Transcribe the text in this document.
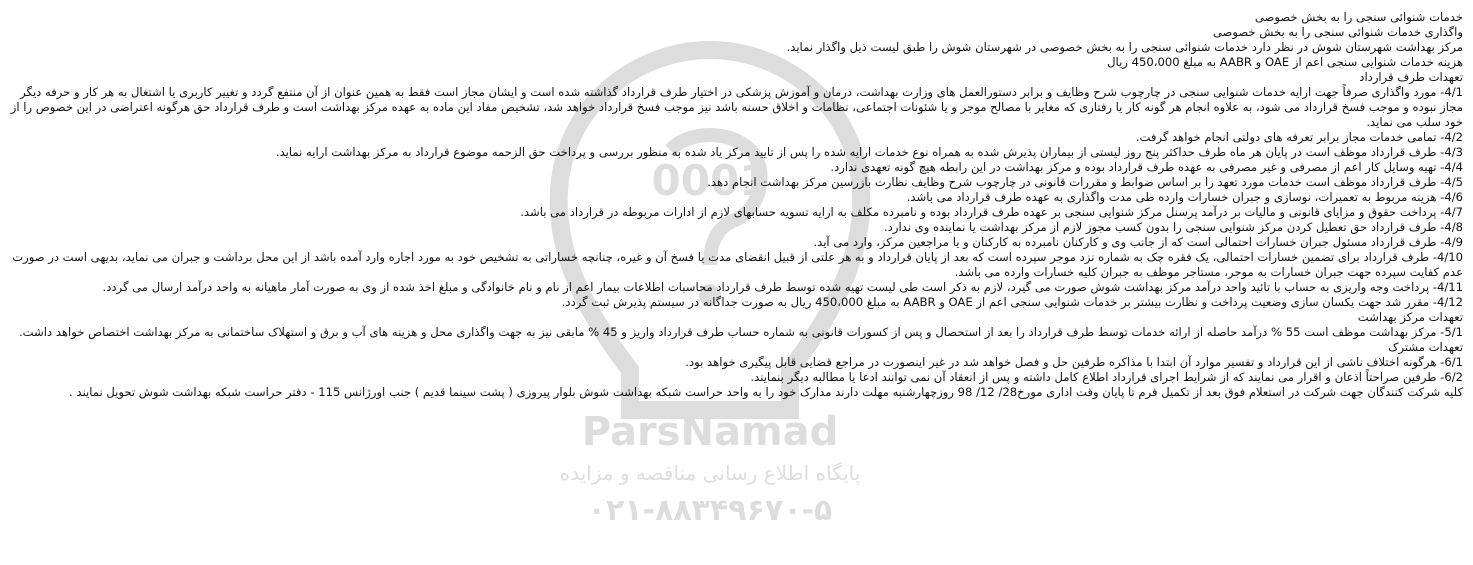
0001
ParsNamad
پایگاه اطلاع رسانی مناقصه و مزایده
۰۲۱-۸۸۳۴۹۶۷۰-۵

خدمات شنوائی سنجی را به بخش خصوصی

واگذاری خدمات شنوائی سنجی را به بخش خصوصی

مرکز بهداشت شهرستان شوش در نظر دارد خدمات شنوائی سنجی را به بخش خصوصی در شهرستان شوش را طبق لیست ذیل واگذار نماید.

هزینه خدمات شنوایی سنجی اعم از OAE و AABR به مبلغ 450،000 ریال

تعهدات طرف قرارداد

4/1- مورد واگذاری صرفاً جهت ارایه خدمات شنوایی سنجی در چارچوب شرح وظایف و برابر دستورالعمل های وزارت بهداشت، درمان و آموزش پزشکی در اختیار طرف قرارداد گذاشته شده است و ایشان مجاز است فقط به همین عنوان از آن منتفع گردد و تغییر کاربری یا اشتغال به هر کار و حرفه دیگر مجاز نبوده و موجب فسخ قرارداد می شود، به علاوه انجام هر گونه کار یا رفتاری که مغایر با مصالح موجر و یا شئونات اجتماعی، نظامات و اخلاق حسنه باشد نیز موجب فسخ قرارداد خواهد شد، تشخیص مفاد این ماده به عهده مرکز بهداشت است و طرف قرارداد حق هرگونه اعتراضی در این خصوص را از خود سلب می نماید.

4/2- تمامی خدمات مجاز برابر تعرفه های دولتی انجام خواهد گرفت.

4/3- طرف قرارداد موظف است در پایان هر ماه طرف حداکثر پنج روز لیستی از بیماران پذیرش شده به همراه نوع خدمات ارایه شده را پس از تایید مرکز یاد شده به منظور بررسی و پرداخت حق الزحمه موضوع قرارداد به مرکز بهداشت ارایه نماید.

4/4- تهیه وسایل کار اعم از مصرفی و غیر مصرفی به عهده طرف قرارداد بوده و مرکز بهداشت در این رابطه هیچ گونه تعهدی ندارد.

4/5- طرف قرارداد موظف است خدمات مورد تعهد را بر اساس ضوابط و مقررات قانونی در چارچوب شرح وظایف نظارت بازرسین مرکز بهداشت انجام دهد.

4/6- هزینه مربوط به تعمیرات، نوسازی و جبران خسارات وارده طی مدت واگذاری به عهده طرف قرارداد می باشد.

4/7- پرداخت حقوق و مزایای قانونی و مالیات بر درآمد پرسنل مرکز شنوایی سنجی بر عهده طرف قرارداد بوده و نامبرده مکلف به ارایه تسویه حسابهای لازم از ادارات مربوطه در قرارداد می باشد.

4/8- طرف قرارداد حق تعطیل کردن مرکز شنوایی سنجی را بدون کسب مجوز لازم از مرکز بهداشت یا نماینده وی ندارد.

4/9- طرف قرارداد مسئول جبران خسارات احتمالی است که از جانب وی و کارکنان نامبرده به کارکنان و یا مراجعین مرکز، وارد می آید.

4/10- طرف قرارداد برای تضمین خسارات احتمالی، یک فقره چک به شماره نزد موجر سپرده است که بعد از پایان قرارداد و به هر علتی از قبیل انقضای مدت یا فسخ آن و غیره، چنانچه خساراتی به تشخیص خود به مورد اجاره وارد آمده باشد از این محل برداشت و جبران می نماید، بدیهی است در صورت عدم کفایت سپرده جهت جبران خسارات به موجر، مستاجر موظف به جبران کلیه خسارات وارده می باشد.

4/11- پرداخت وجه واریزی به حساب با تائید واحد درآمد مرکز بهداشت شوش صورت می گیرد، لازم به ذکر است طی لیست تهیه شده توسط طرف قرارداد محاسبات اطلاعات بیمار اعم از نام و نام خانوادگی و مبلغ اخذ شده از وی به صورت آمار ماهیانه به واحد درآمد ارسال می گردد.

4/12- مقرر شد جهت یکسان سازی وضعیت پرداخت و نظارت بیشتر بر خدمات شنوایی سنجی اعم از OAE و AABR به مبلغ 450،000 ریال به صورت جداگانه در سیستم پذیرش ثبت گردد.

تعهدات مرکز بهداشت

5/1- مرکز بهداشت موظف است 55 % درآمد حاصله از ارائه خدمات توسط طرف قرارداد را بعد از استحصال و پس از کسورات قانونی به شماره حساب طرف قرارداد واریز و 45 % مابقی نیز به جهت واگذاری محل و هزینه های آب و برق و استهلاک ساختمانی به مرکز بهداشت اختصاص خواهد داشت.

تعهدات مشترک

6/1- هرگونه اختلاف ناشی از این قرارداد و تفسیر موارد آن ابتدا با مذاکره طرفین حل و فصل خواهد شد در غیر اینصورت در مراجع قضایی قابل پیگیری خواهد بود.

6/2- طرفین صراحتاً اذعان و اقرار می نمایند که از شرایط اجرای قرارداد اطلاع کامل داشته و پس از انعقاد آن نمی توانند ادعا یا مطالبه دیگر بنمایند.

کلیه شرکت کنندگان جهت شرکت در استعلام فوق بعد از تکمیل فرم تا پایان وقت اداری مورخ28/ 12/ 98 روزچهارشنبه مهلت دارند مدارک خود را به واحد حراست شبکه بهداشت شوش بلوار پیروزی ( پشت سینما قدیم ) جنب اورژانس 115 - دفتر حراست شبکه بهداشت شوش تحویل نمایند .
